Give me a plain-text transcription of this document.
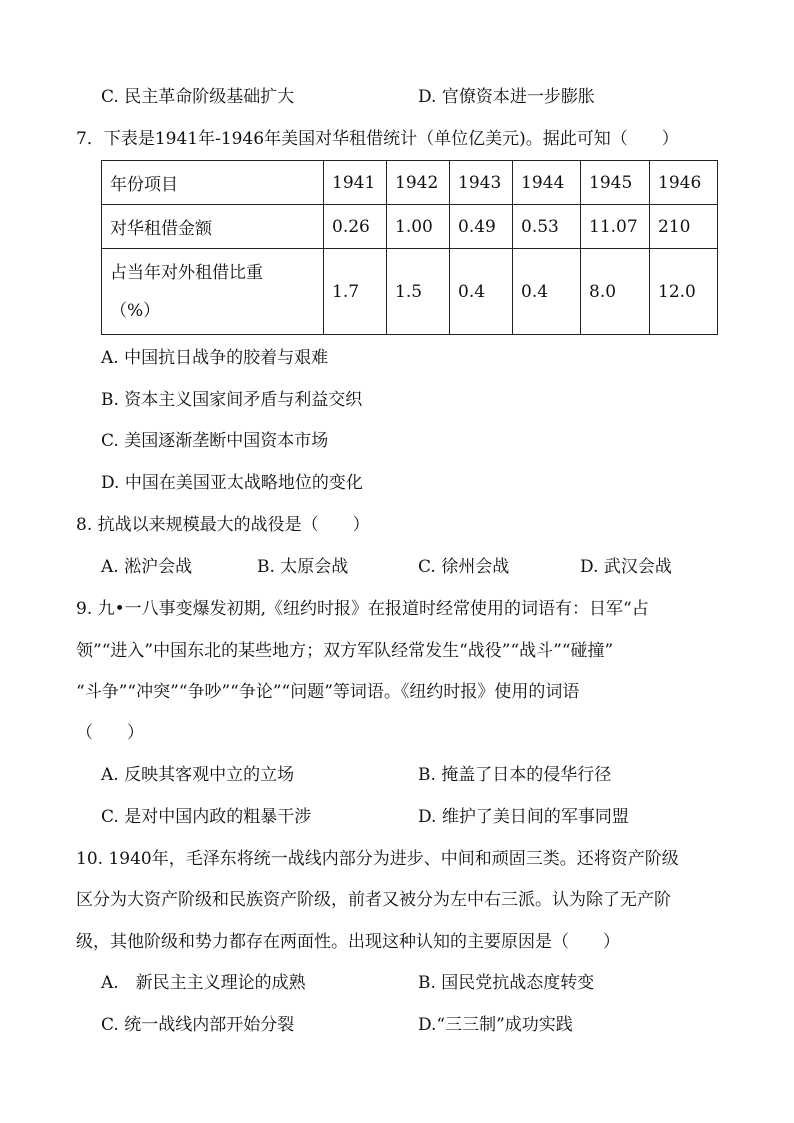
C. 民主革命阶级基础扩大	D. 官僚资本进一步膨胀
7．下表是1941年-1946年美国对华租借统计（单位亿美元)。据此可知（　　）
年份项目	1941	1942	1943	1944	1945	1946
对华租借金额	0.26	1.00	0.49	0.53	11.07	210

占当年对外租借比重
（%）	1.7	1.5	0.4	0.4	8.0	12.0
A. 中国抗日战争的胶着与艰难
B. 资本主义国家间矛盾与利益交织
C. 美国逐渐垄断中国资本市场
D. 中国在美国亚太战略地位的变化
8. 抗战以来规模最大的战役是（　　）
A. 淞沪会战	B. 太原会战	C. 徐州会战	D. 武汉会战
9. 九•一八事变爆发初期,《纽约时报》在报道时经常使用的词语有：日军“占
领”“进入”中国东北的某些地方；双方军队经常发生“战役”“战斗”“碰撞”
“斗争”“冲突”“争吵”“争论”“问题”等词语。《纽约时报》使用的词语
（　　）
A. 反映其客观中立的立场	B. 掩盖了日本的侵华行径
C. 是对中国内政的粗暴干涉	D. 维护了美日间的军事同盟
10. 1940年，毛泽东将统一战线内部分为进步、中间和顽固三类。还将资产阶级
区分为大资产阶级和民族资产阶级，前者又被分为左中右三派。认为除了无产阶
级，其他阶级和势力都存在两面性。出现这种认知的主要原因是（　　）
A.　新民主主义理论的成熟	B. 国民党抗战态度转变
C. 统一战线内部开始分裂	D.“三三制”成功实践
